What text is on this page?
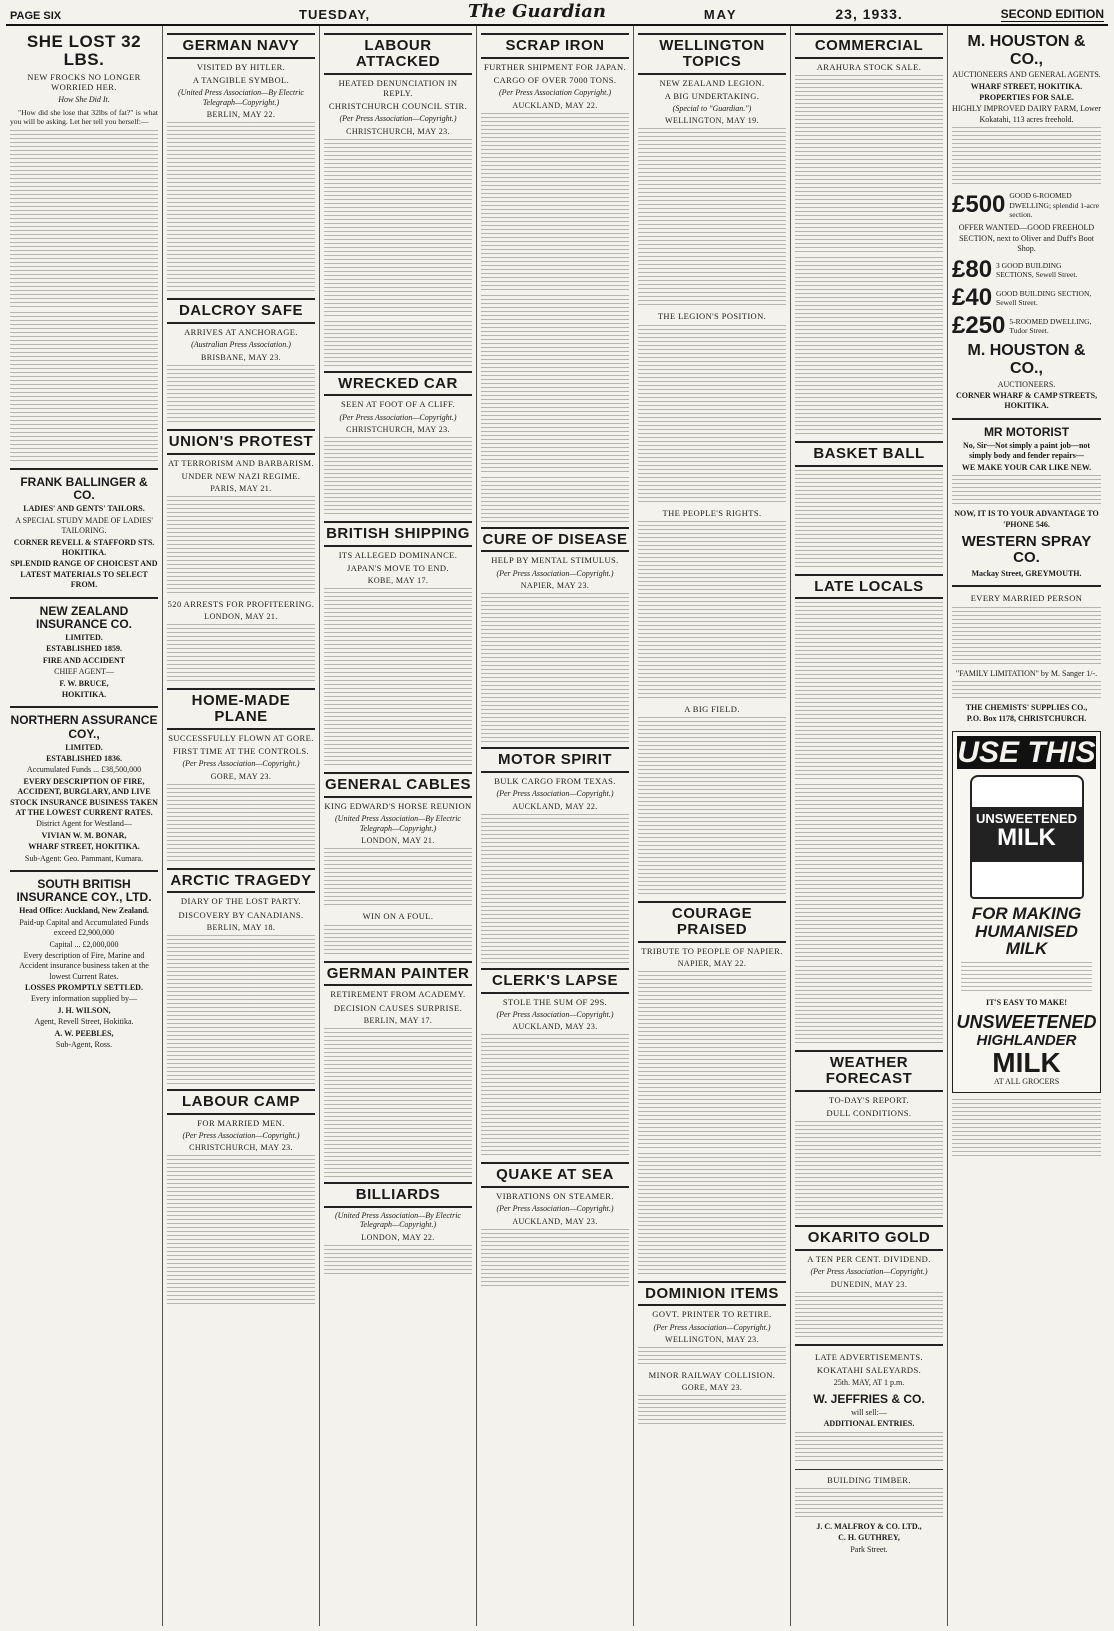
PAGE SIX	TUESDAY,	The Guardian	MAY	23, 1933.	SECOND EDITION
SHE LOST 32 LBS.
NEW FROCKS NO LONGER WORRIED HER.
How She Did It.
"How did she lose that 32lbs of fat?" is what you will be asking. Let her tell you herself:—
FRANK BALLINGER & CO.
LADIES' AND GENTS' TAILORS.
A SPECIAL STUDY MADE OF LADIES' TAILORING.
CORNER REVELL & STAFFORD STS. HOKITIKA.
SPLENDID RANGE OF CHOICEST AND LATEST MATERIALS TO SELECT FROM.
NEW ZEALAND INSURANCE CO.
LIMITED.
ESTABLISHED 1859.
FIRE AND ACCIDENT
CHIEF AGENT—
F. W. BRUCE,
HOKITIKA.
NORTHERN ASSURANCE COY.,
LIMITED.
ESTABLISHED 1836.
Accumulated Funds ... £38,500,000
EVERY DESCRIPTION OF FIRE, ACCIDENT, BURGLARY, AND LIVE STOCK INSURANCE BUSINESS TAKEN AT THE LOWEST CURRENT RATES.
District Agent for Westland—
VIVIAN W. M. BONAR,
WHARF STREET, HOKITIKA.
Sub-Agent: Geo. Pammant, Kumara.
SOUTH BRITISH INSURANCE COY., LTD.
Head Office: Auckland, New Zealand.
Paid-up Capital and Accumulated Funds exceed £2,900,000
Capital ... £2,000,000
Every description of Fire, Marine and Accident insurance business taken at the lowest Current Rates.
LOSSES PROMPTLY SETTLED.
Every information supplied by—
J. H. WILSON,
Agent, Revell Street, Hokitika.
A. W. PEEBLES,
Sub-Agent, Ross.
GERMAN NAVY
VISITED BY HITLER.
A TANGIBLE SYMBOL.
(United Press Association—By Electric Telegraph—Copyright.)
BERLIN, MAY 22.
DALCROY SAFE
ARRIVES AT ANCHORAGE.
(Australian Press Association.)
BRISBANE, MAY 23.
UNION'S PROTEST
AT TERRORISM AND BARBARISM.
UNDER NEW NAZI REGIME.
PARIS, MAY 21.
520 ARRESTS FOR PROFITEERING.
LONDON, MAY 21.
HOME-MADE PLANE
SUCCESSFULLY FLOWN AT GORE.
FIRST TIME AT THE CONTROLS.
(Per Press Association—Copyright.)
GORE, MAY 23.
ARCTIC TRAGEDY
DIARY OF THE LOST PARTY.
DISCOVERY BY CANADIANS.
BERLIN, MAY 18.
LABOUR CAMP
FOR MARRIED MEN.
(Per Press Association—Copyright.)
CHRISTCHURCH, MAY 23.
LABOUR ATTACKED
HEATED DENUNCIATION IN REPLY.
CHRISTCHURCH COUNCIL STIR.
(Per Press Association—Copyright.)
CHRISTCHURCH, MAY 23.
WRECKED CAR
SEEN AT FOOT OF A CLIFF.
(Per Press Association—Copyright.)
CHRISTCHURCH, MAY 23.
BRITISH SHIPPING
ITS ALLEGED DOMINANCE.
JAPAN'S MOVE TO END.
KOBE, MAY 17.
GENERAL CABLES
KING EDWARD'S HORSE REUNION
(United Press Association—By Electric Telegraph—Copyright.)
LONDON, MAY 21.
WIN ON A FOUL.
GERMAN PAINTER
RETIREMENT FROM ACADEMY.
DECISION CAUSES SURPRISE.
BERLIN, MAY 17.
BILLIARDS
(United Press Association—By Electric Telegraph—Copyright.)
LONDON, MAY 22.
SCRAP IRON
FURTHER SHIPMENT FOR JAPAN.
CARGO OF OVER 7000 TONS.
(Per Press Association Copyright.)
AUCKLAND, MAY 22.
CURE OF DISEASE
HELP BY MENTAL STIMULUS.
(Per Press Association—Copyright.)
NAPIER, MAY 23.
MOTOR SPIRIT
BULK CARGO FROM TEXAS.
(Per Press Association—Copyright.)
AUCKLAND, MAY 22.
CLERK'S LAPSE
STOLE THE SUM OF 29S.
(Per Press Association—Copyright.)
AUCKLAND, MAY 23.
QUAKE AT SEA
VIBRATIONS ON STEAMER.
(Per Press Association—Copyright.)
AUCKLAND, MAY 23.
WELLINGTON TOPICS
NEW ZEALAND LEGION.
A BIG UNDERTAKING.
(Special to "Guardian.")
WELLINGTON, MAY 19.
THE LEGION'S POSITION.
THE PEOPLE'S RIGHTS.
A BIG FIELD.
COURAGE PRAISED
TRIBUTE TO PEOPLE OF NAPIER.
NAPIER, MAY 22.
DOMINION ITEMS
GOVT. PRINTER TO RETIRE.
(Per Press Association—Copyright.)
WELLINGTON, MAY 23.
MINOR RAILWAY COLLISION.
GORE, MAY 23.
COMMERCIAL
ARAHURA STOCK SALE.
BASKET BALL
LATE LOCALS
WEATHER FORECAST
TO-DAY'S REPORT.
DULL CONDITIONS.
OKARITO GOLD
A TEN PER CENT. DIVIDEND.
(Per Press Association—Copyright.)
DUNEDIN, MAY 23.
LATE ADVERTISEMENTS.
KOKATAHI SALEYARDS.
25th. MAY, AT 1 p.m.
W. JEFFRIES & CO.
will sell:—
ADDITIONAL ENTRIES.
BUILDING TIMBER.
J. C. MALFROY & CO. LTD.,
C. H. GUTHREY,
Park Street.
M. HOUSTON & CO.,
AUCTIONEERS AND GENERAL AGENTS.
WHARF STREET, HOKITIKA.
PROPERTIES FOR SALE.
HIGHLY IMPROVED DAIRY FARM, Lower Kokatahi, 113 acres freehold.
£500 GOOD 6-ROOMED DWELLING; splendid 1-acre section.
OFFER WANTED—GOOD FREEHOLD SECTION, next to Oliver and Duff's Boot Shop.
£80 3 GOOD BUILDING SECTIONS, Sewell Street.
£40 GOOD BUILDING SECTION, Sewell Street.
£250 5-ROOMED DWELLING, Tudor Street.
M. HOUSTON & CO.,
AUCTIONEERS.
CORNER WHARF & CAMP STREETS, HOKITIKA.
MR MOTORIST
No, Sir—Not simply a paint job—not simply body and fender repairs—
WE MAKE YOUR CAR LIKE NEW.
NOW, IT IS TO YOUR ADVANTAGE TO 'PHONE 546.
WESTERN SPRAY CO.
Mackay Street, GREYMOUTH.
EVERY MARRIED PERSON
"FAMILY LIMITATION" by M. Sanger 1/-.
THE CHEMISTS' SUPPLIES CO.,
P.O. Box 1178, CHRISTCHURCH.
USE THIS
UNSWEETENED
MILK
FOR MAKING HUMANISED MILK
IT'S EASY TO MAKE!
UNSWEETENED
HIGHLANDER
MILK
AT ALL GROCERS
